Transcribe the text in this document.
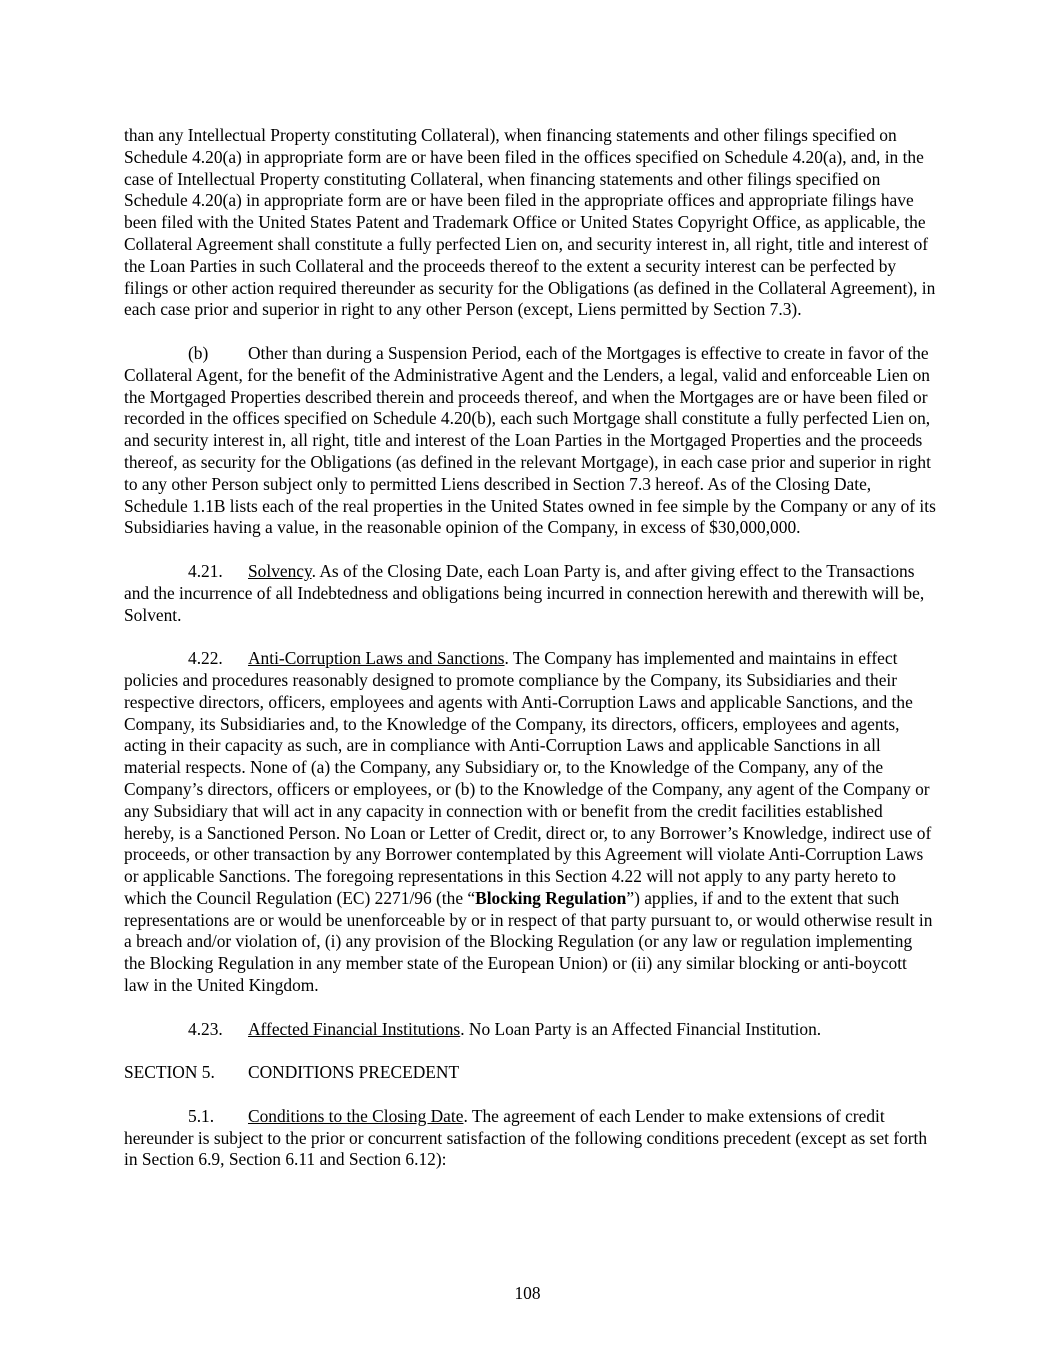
than any Intellectual Property constituting Collateral), when financing statements and other filings specified on Schedule 4.20(a) in appropriate form are or have been filed in the offices specified on Schedule 4.20(a), and, in the case of Intellectual Property constituting Collateral, when financing statements and other filings specified on Schedule 4.20(a) in appropriate form are or have been filed in the appropriate offices and appropriate filings have been filed with the United States Patent and Trademark Office or United States Copyright Office, as applicable, the Collateral Agreement shall constitute a fully perfected Lien on, and security interest in, all right, title and interest of the Loan Parties in such Collateral and the proceeds thereof to the extent a security interest can be perfected by filings or other action required thereunder as security for the Obligations (as defined in the Collateral Agreement), in each case prior and superior in right to any other Person (except, Liens permitted by Section 7.3).

(b) Other than during a Suspension Period, each of the Mortgages is effective to create in favor of the Collateral Agent, for the benefit of the Administrative Agent and the Lenders, a legal, valid and enforceable Lien on the Mortgaged Properties described therein and proceeds thereof, and when the Mortgages are or have been filed or recorded in the offices specified on Schedule 4.20(b), each such Mortgage shall constitute a fully perfected Lien on, and security interest in, all right, title and interest of the Loan Parties in the Mortgaged Properties and the proceeds thereof, as security for the Obligations (as defined in the relevant Mortgage), in each case prior and superior in right to any other Person subject only to permitted Liens described in Section 7.3 hereof. As of the Closing Date, Schedule 1.1B lists each of the real properties in the United States owned in fee simple by the Company or any of its Subsidiaries having a value, in the reasonable opinion of the Company, in excess of $30,000,000.

4.21. Solvency. As of the Closing Date, each Loan Party is, and after giving effect to the Transactions and the incurrence of all Indebtedness and obligations being incurred in connection herewith and therewith will be, Solvent.

4.22. Anti-Corruption Laws and Sanctions. The Company has implemented and maintains in effect policies and procedures reasonably designed to promote compliance by the Company, its Subsidiaries and their respective directors, officers, employees and agents with Anti-Corruption Laws and applicable Sanctions, and the Company, its Subsidiaries and, to the Knowledge of the Company, its directors, officers, employees and agents, acting in their capacity as such, are in compliance with Anti-Corruption Laws and applicable Sanctions in all material respects. None of (a) the Company, any Subsidiary or, to the Knowledge of the Company, any of the Company’s directors, officers or employees, or (b) to the Knowledge of the Company, any agent of the Company or any Subsidiary that will act in any capacity in connection with or benefit from the credit facilities established hereby, is a Sanctioned Person. No Loan or Letter of Credit, direct or, to any Borrower’s Knowledge, indirect use of proceeds, or other transaction by any Borrower contemplated by this Agreement will violate Anti-Corruption Laws or applicable Sanctions. The foregoing representations in this Section 4.22 will not apply to any party hereto to which the Council Regulation (EC) 2271/96 (the “Blocking Regulation”) applies, if and to the extent that such representations are or would be unenforceable by or in respect of that party pursuant to, or would otherwise result in a breach and/or violation of, (i) any provision of the Blocking Regulation (or any law or regulation implementing the Blocking Regulation in any member state of the European Union) or (ii) any similar blocking or anti-boycott law in the United Kingdom.

4.23. Affected Financial Institutions. No Loan Party is an Affected Financial Institution.

SECTION 5. CONDITIONS PRECEDENT

5.1. Conditions to the Closing Date. The agreement of each Lender to make extensions of credit hereunder is subject to the prior or concurrent satisfaction of the following conditions precedent (except as set forth in Section 6.9, Section 6.11 and Section 6.12):

108
